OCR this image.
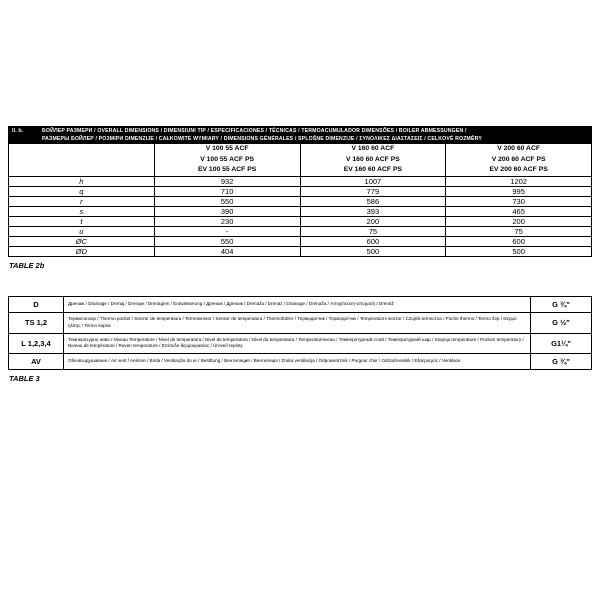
II. b. БОЙЛЕР РАЗМЕРИ / OVERALL DIMENSIONS / DIMENSIUNI TIP / ESPECIFICACIONES / TÉCNICAS / TERMOACUMULADOR DIMENSÕES / BOILER ABMESSUNGEN /
РАЗМЕРЫ БОЙЛЕР / РОЗМІРИ DIMENZIJE / CAŁKOWITE WYMIARY / DIMENSIONS GÉNÉRALES / SPLOŠNE DIMENZIJE / ΣΥΝΟΛΙΚΕΣ ΔΙΑΣΤΑΣΕΙΣ / CELKOVÉ ROZMĚRY			

V 100 55 ACF
V 100 55 ACF PS
EV 100 55 ACF PS

V 160 60 ACF
V 160 60 ACF PS
EV 160 60 ACF PS

V 200 60 ACF
V 200 60 ACF PS
EV 200 60 ACF PS

h	932	1007	1202
q	710	779	995
r	550	586	730
s	390	393	465
t	230	200	200
u	-	75	75
ØC	550	600	600
ØD	404	500	500
TABLE 2b
D	Дренаж / Drainage / Drenaj / Drenaje / Drenagem / Entwässerung / Дренаж / Дренаж / Drenaža / Drenaż / Drainage / Drenaža / Αποχέτευση-απορροή / Drenáž	G ¾"
TS 1,2	Термосонзор / Thermo pocket / Senzor de temperatura / Termosensor / Sensor de temperatura / Thermofühler / Термодатчик / Термодатчик / Temperaturni senzor / Czujnik termiczna / Poche thermo / Termo žep / Θερμό ηλίτης / Termo kapsa	G ½"
L 1,2,3,4	Температурно ниво / Niveau Temperature / Nivel de temperatura / Nivel de temperatura / Nível da temperatura / Temperaturniveau / Температурный слой / Температурний шар / Stopnja temperature / Poziom temperatury / Niveau de température / Raven temperature / Επίπεδο θερμοκρασίας / Úroveň teploty	G1¼"
AV	Обезвъздушаване / Air vent / Aerisire / Brida / Ventilação do ar / Belüftung / Вентиляция / Вентиляція / Zraka ventilacija / Odpowietrznik / Purgeur d'air / Odzračevalnik / Εξαερισμός / Ventilace	G ¾"
TABLE 3
